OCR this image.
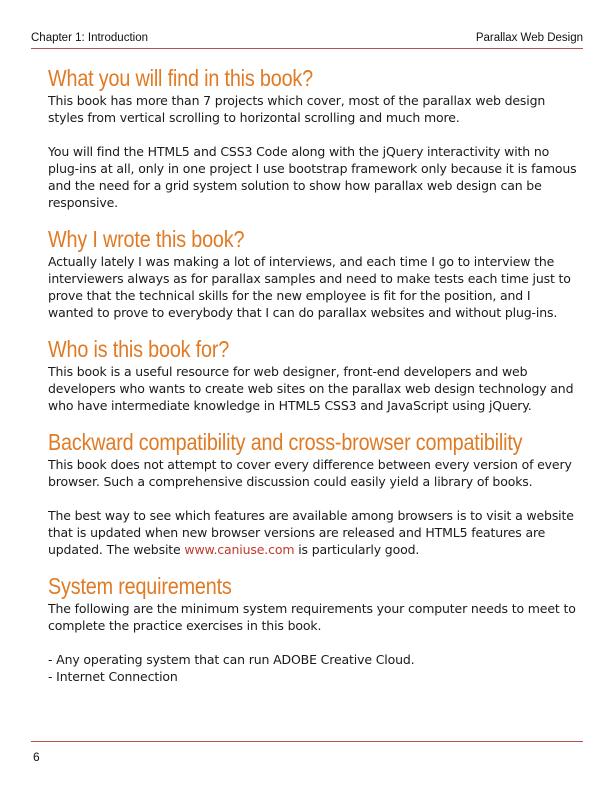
Chapter 1: Introduction	Parallax Web Design
What you will find in this book?

This book has more than 7 projects which cover, most of the parallax web design styles from vertical scrolling to horizontal scrolling and much more.

You will find the HTML5 and CSS3 Code along with the jQuery interactivity with no plug-ins at all, only in one project I use bootstrap framework only because it is famous and the need for a grid system solution to show how parallax web design can be responsive.

Why I wrote this book?

Actually lately I was making a lot of interviews, and each time I go to interview the interviewers always as for parallax samples and need to make tests each time just to prove that the technical skills for the new employee is fit for the position, and I wanted to prove to everybody that I can do parallax websites and without plug-ins.

Who is this book for?

This book is a useful resource for web designer, front-end developers and web developers who wants to create web sites on the parallax web design technology and who have intermediate knowledge in HTML5 CSS3 and JavaScript using jQuery.

Backward compatibility and cross-browser compatibility

This book does not attempt to cover every difference between every version of every browser. Such a comprehensive discussion could easily yield a library of books.

The best way to see which features are available among browsers is to visit a website that is updated when new browser versions are released and HTML5 features are updated. The website www.caniuse.com is particularly good.

System requirements

The following are the minimum system requirements your computer needs to meet to complete the practice exercises in this book.

- Any operating system that can run ADOBE Creative Cloud.
- Internet Connection

6
